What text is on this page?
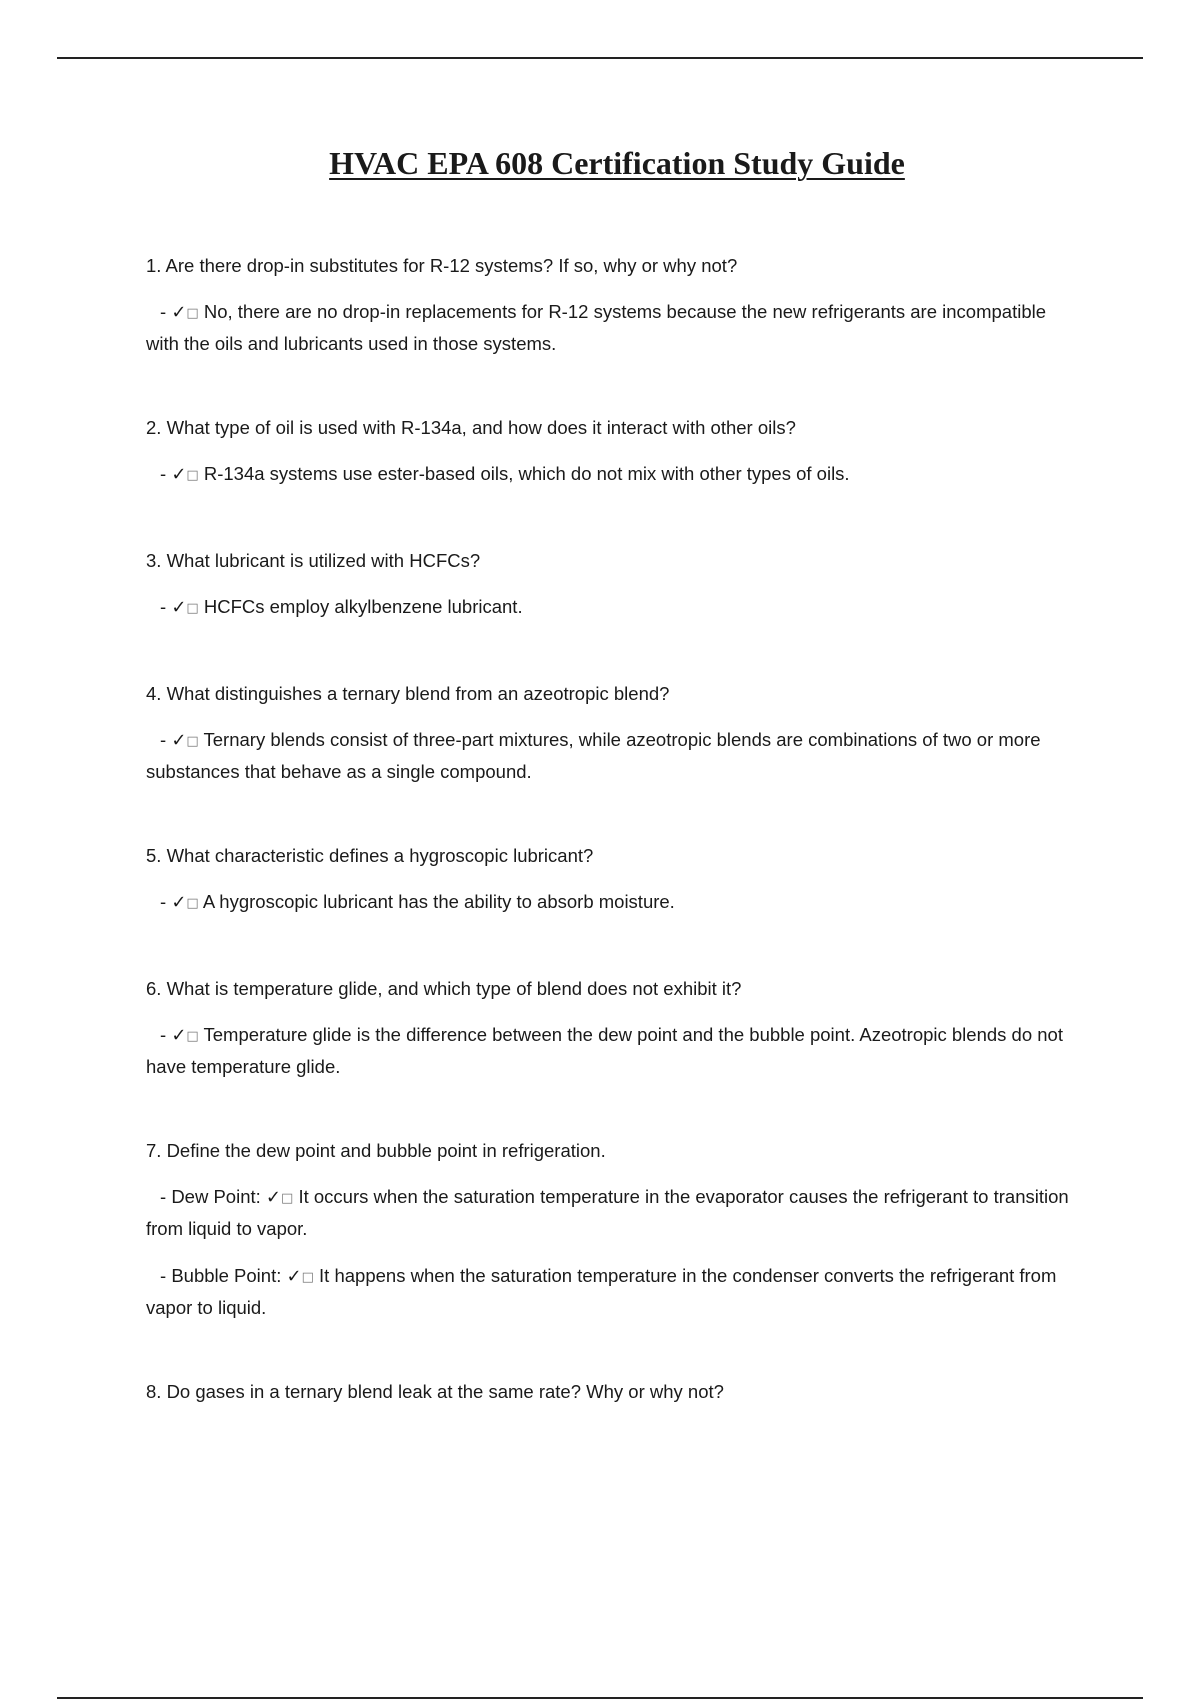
HVAC EPA 608 Certification Study Guide

1. Are there drop-in substitutes for R-12 systems? If so, why or why not?

- ✓□ No, there are no drop-in replacements for R-12 systems because the new refrigerants are incompatible with the oils and lubricants used in those systems.

2. What type of oil is used with R-134a, and how does it interact with other oils?

- ✓□ R-134a systems use ester-based oils, which do not mix with other types of oils.

3. What lubricant is utilized with HCFCs?

- ✓□ HCFCs employ alkylbenzene lubricant.

4. What distinguishes a ternary blend from an azeotropic blend?

- ✓□ Ternary blends consist of three-part mixtures, while azeotropic blends are combinations of two or more substances that behave as a single compound.

5. What characteristic defines a hygroscopic lubricant?

- ✓□ A hygroscopic lubricant has the ability to absorb moisture.

6. What is temperature glide, and which type of blend does not exhibit it?

- ✓□ Temperature glide is the difference between the dew point and the bubble point. Azeotropic blends do not have temperature glide.

7. Define the dew point and bubble point in refrigeration.

- Dew Point: ✓□ It occurs when the saturation temperature in the evaporator causes the refrigerant to transition from liquid to vapor.

- Bubble Point: ✓□ It happens when the saturation temperature in the condenser converts the refrigerant from vapor to liquid.

8. Do gases in a ternary blend leak at the same rate? Why or why not?
